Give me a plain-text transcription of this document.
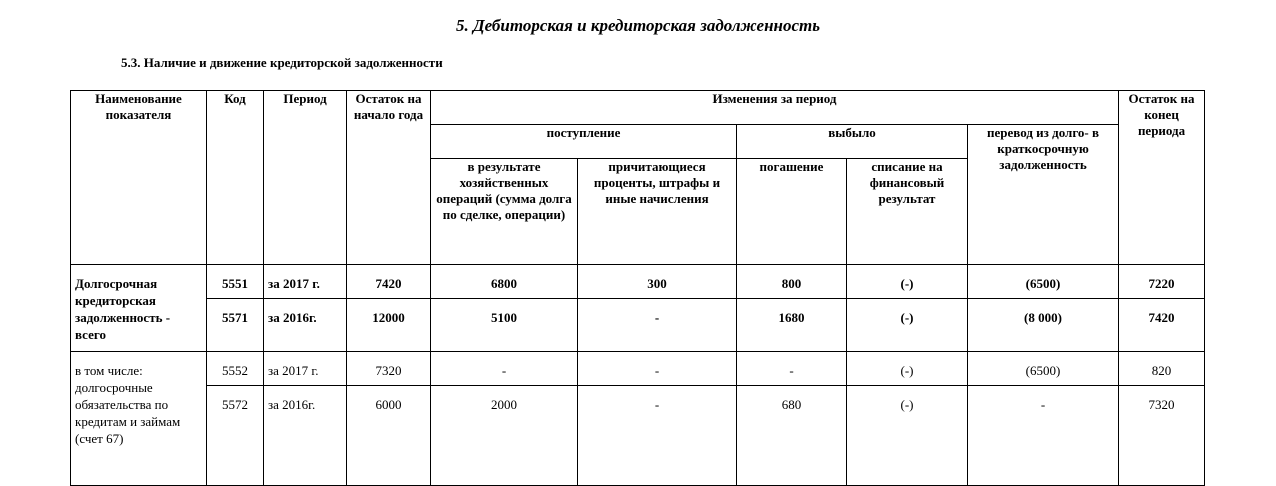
5. Дебиторская и кредиторская задолженность
5.3. Наличие и движение кредиторской задолженности
Наименование показателя	Код	Период	Остаток на начало года	Изменения за период					Остаток на конец периода
				поступление		выбыло		перевод из долго- в краткосрочную задолженность	
				в результате хозяйственных операций (сумма долга по сделке, операции)	причитающиеся проценты, штрафы и иные начисления	погашение	списание на финансовый результат		
Долгосрочная кредиторская задолженность - всего	5551	за 2017 г.	7420	6800	300	800	(-)	(6500)	7220
	5571	за 2016г.	12000	5100	-	1680	(-)	(8 000)	7420
в том числе: долгосрочные обязательства по кредитам и займам (счет 67)	5552	за 2017 г.	7320	-	-	-	(-)	(6500)	820
	5572	за 2016г.	6000	2000	-	680	(-)	-	7320
